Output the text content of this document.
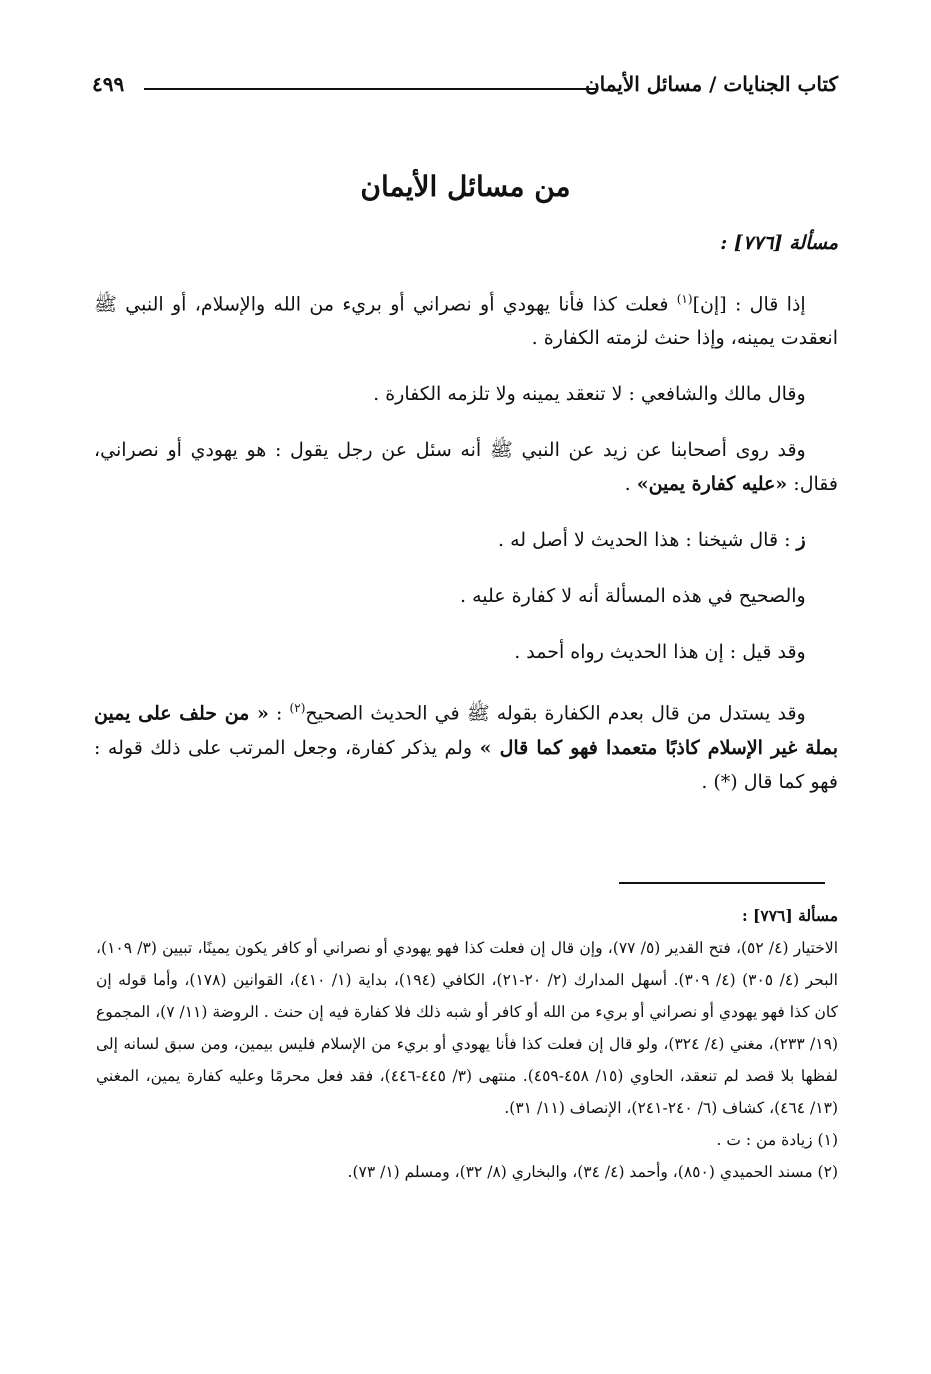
كتاب الجنايات / مسائل الأيمان
٤٩٩
من مسائل الأيمان

مسألة [٧٧٦] :

إذا قال : [إن]$^{(١)}$ فعلت كذا فأنا يهودي أو نصراني أو بريء من الله والإسلام، أو النبي ﷺ انعقدت يمينه، وإذا حنث لزمته الكفارة .

وقال مالك والشافعي : لا تنعقد يمينه ولا تلزمه الكفارة .

وقد روى أصحابنا عن زيد عن النبي ﷺ أنه سئل عن رجل يقول : هو يهودي أو نصراني، فقال: «عليه كفارة يمين» .

ز : قال شيخنا : هذا الحديث لا أصل له .

والصحيح في هذه المسألة أنه لا كفارة عليه .

وقد قيل : إن هذا الحديث رواه أحمد .

وقد يستدل من قال بعدم الكفارة بقوله ﷺ في الحديث الصحيح$^{(٢)}$ : « من حلف على يمين بملة غير الإسلام كاذبًا متعمدا فهو كما قال » ولم يذكر كفارة، وجعل المرتب على ذلك قوله : فهو كما قال (*) .

مسألة [٧٧٦] :

الاختيار (٤/ ٥٢)، فتح القدير (٥/ ٧٧)، وإن قال إن فعلت كذا فهو يهودي أو نصراني أو كافر يكون يمينًا، تبيين (٣/ ١٠٩)، البحر (٤/ ٣٠٥) (٤/ ٣٠٩). أسهل المدارك (٢/ ٢٠-٢١)، الكافي (١٩٤)، بداية (١/ ٤١٠)، القوانين (١٧٨)، وأما قوله إن كان كذا فهو يهودي أو نصراني أو بريء من الله أو كافر أو شبه ذلك فلا كفارة فيه إن حنث . الروضة (١١/ ٧)، المجموع (١٩/ ٢٣٣)، مغني (٤/ ٣٢٤)، ولو قال إن فعلت كذا فأنا يهودي أو بريء من الإسلام فليس بيمين، ومن سبق لسانه إلى لفظها بلا قصد لم تنعقد، الحاوي (١٥/ ٤٥٨-٤٥٩). منتهى (٣/ ٤٤٥-٤٤٦)، فقد فعل محرمًا وعليه كفارة يمين، المغني (١٣/ ٤٦٤)، كشاف (٦/ ٢٤٠-٢٤١)، الإنصاف (١١/ ٣١).

(١) زيادة من : ت .

(٢) مسند الحميدي (٨٥٠)، وأحمد (٤/ ٣٤)، والبخاري (٨/ ٣٢)، ومسلم (١/ ٧٣).
